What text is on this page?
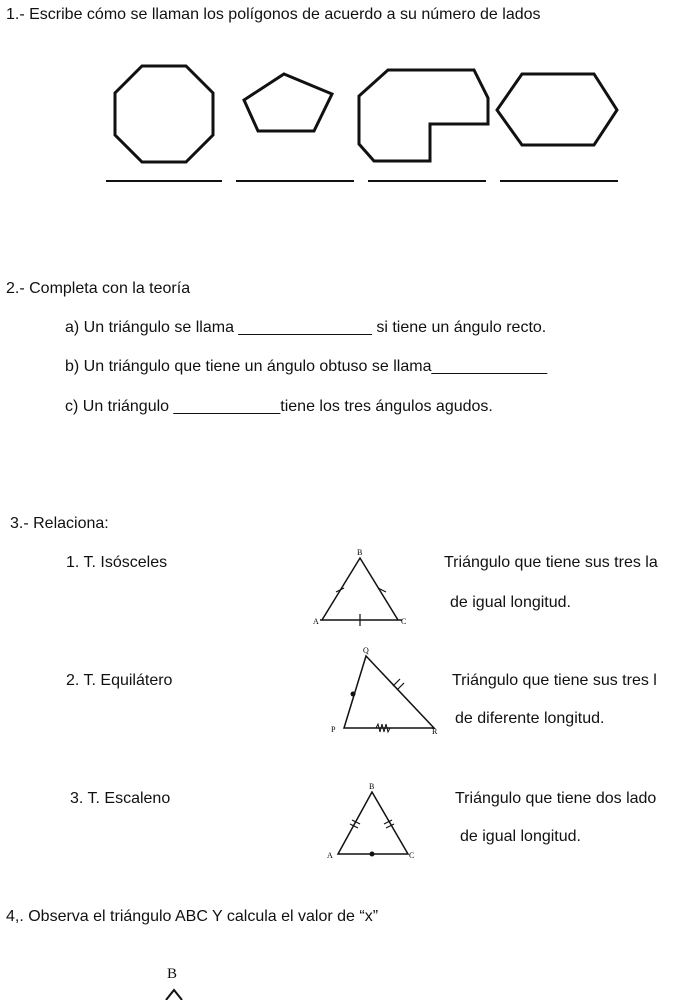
1.- Escribe cómo se llaman los polígonos de acuerdo a su número de lados
2.- Completa con la teoría
a) Un triángulo se llama _______________ si tiene un ángulo recto.
b) Un triángulo que tiene un ángulo obtuso se llama_____________
c) Un triángulo ____________tiene los tres ángulos agudos.
3.- Relaciona:
1. T. Isósceles
B
A	C
Triángulo que tiene sus tres la
de igual longitud.
2. T. Equilátero
Q
P	R
Triángulo que tiene sus tres l
de diferente longitud.
3. T. Escaleno
B
A	C
Triángulo que tiene dos lado
de igual longitud.
4,. Observa el triángulo ABC Y calcula el valor de “x”
B
